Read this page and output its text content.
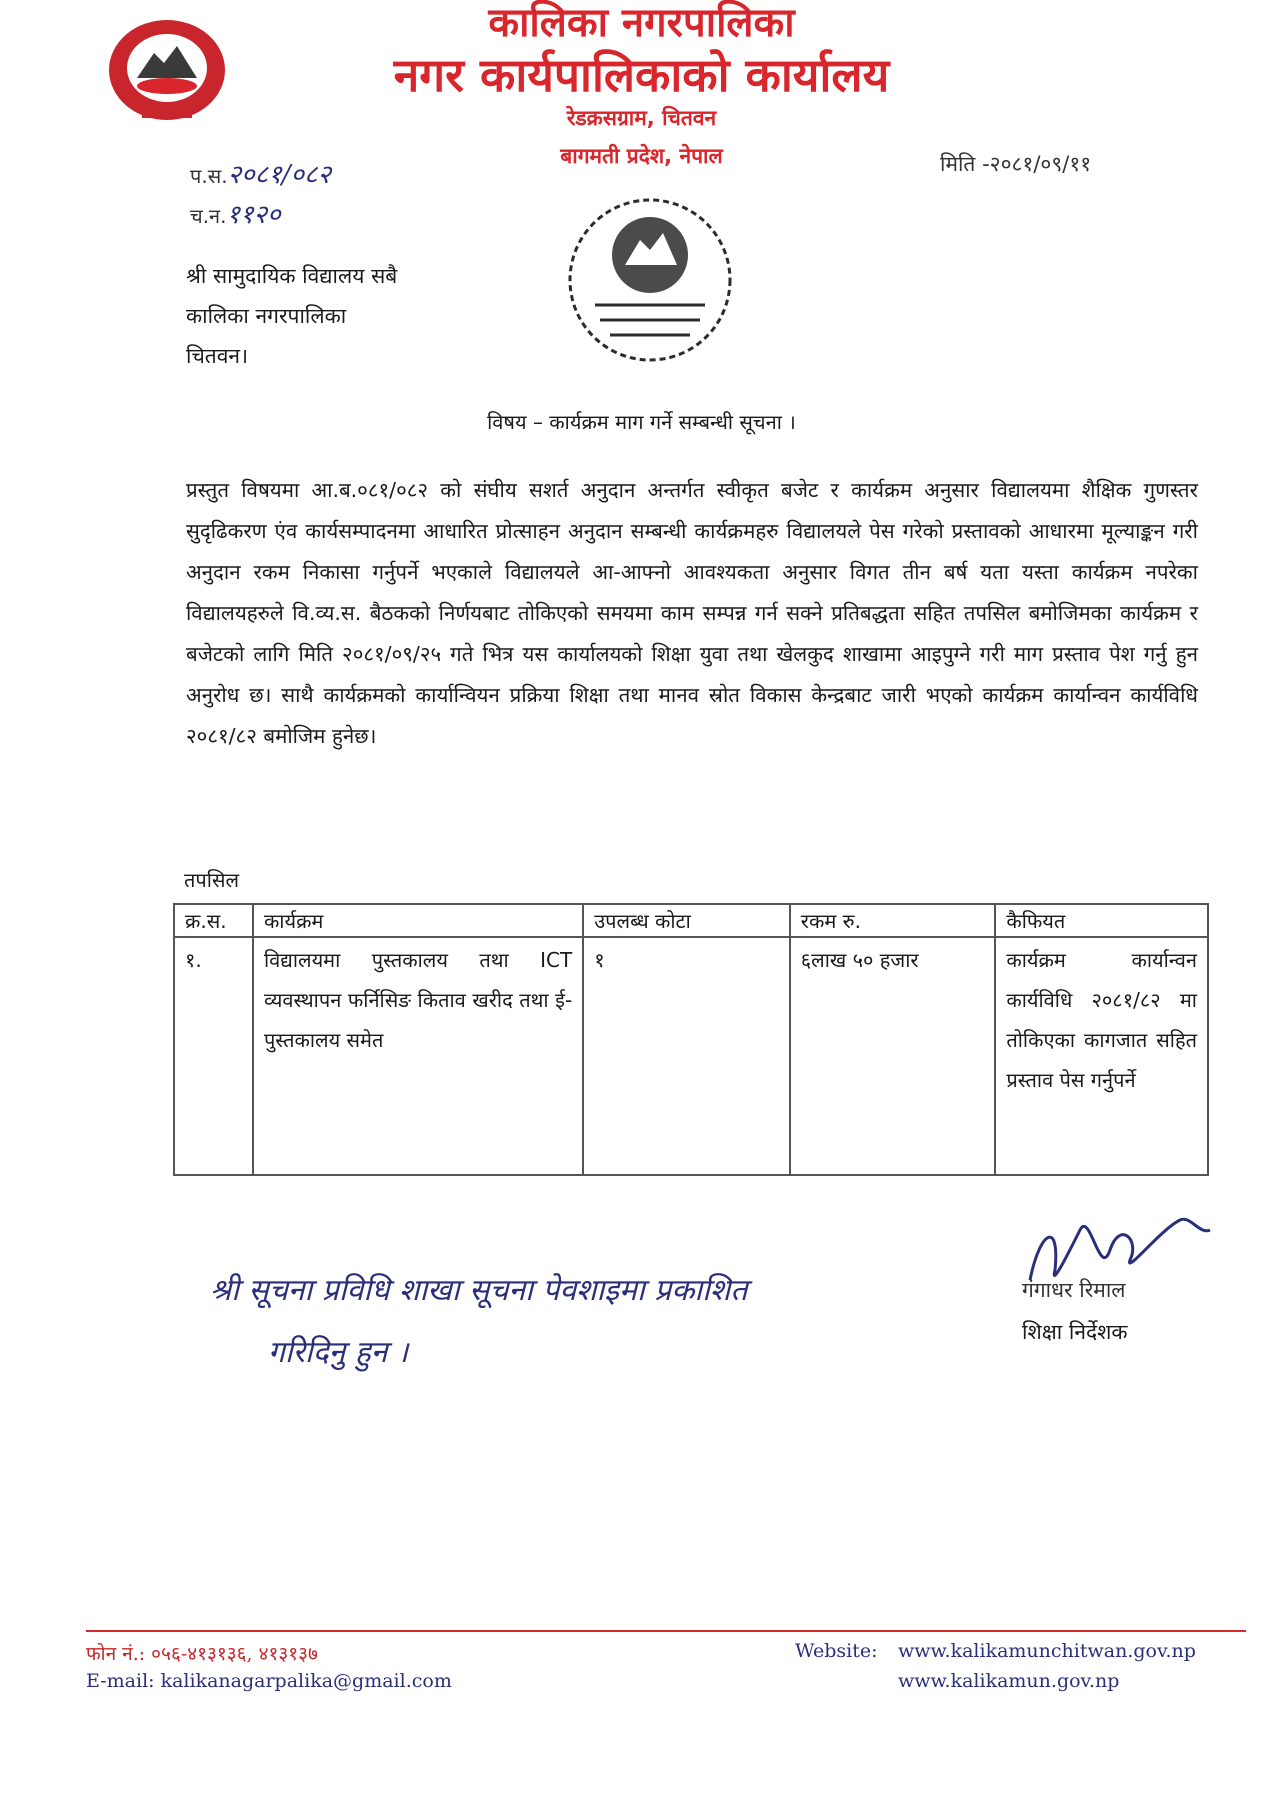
कालिका नगरपालिका
नगर कार्यपालिकाको कार्यालय
रेडक्रसग्राम, चितवन
बागमती प्रदेश, नेपाल
प.स.२०८१/०८२
च.न.११२०
मिति -२०८१/०९/११
श्री सामुदायिक विद्यालय सबै
कालिका नगरपालिका
चितवन।
विषय – कार्यक्रम माग गर्ने सम्बन्धी सूचना ।
प्रस्तुत विषयमा आ.ब.०८१/०८२ को संघीय सशर्त अनुदान अन्तर्गत स्वीकृत बजेट र कार्यक्रम अनुसार विद्यालयमा शैक्षिक गुणस्तर सुदृढिकरण एंव कार्यसम्पादनमा आधारित प्रोत्साहन अनुदान सम्बन्धी कार्यक्रमहरु विद्यालयले पेस गरेको प्रस्तावको आधारमा मूल्याङ्कन गरी अनुदान रकम निकासा गर्नुपर्ने भएकाले विद्यालयले आ-आफ्नो आवश्यकता अनुसार विगत तीन बर्ष यता यस्ता कार्यक्रम नपरेका विद्यालयहरुले वि.व्य.स. बैठकको निर्णयबाट तोकिएको समयमा काम सम्पन्न गर्न सक्ने प्रतिबद्धता सहित तपसिल बमोजिमका कार्यक्रम र बजेटको लागि मिति २०८१/०९/२५ गते भित्र यस कार्यालयको शिक्षा युवा तथा खेलकुद शाखामा आइपुग्ने गरी माग प्रस्ताव पेश गर्नु हुन अनुरोध छ। साथै कार्यक्रमको कार्यान्वियन प्रक्रिया शिक्षा तथा मानव स्रोत विकास केन्द्रबाट जारी भएको कार्यक्रम कार्यान्वन कार्यविधि २०८१/८२ बमोजिम हुनेछ।
तपसिल
क्र.स.	कार्यक्रम	उपलब्ध कोटा	रकम रु.	कैफियत
१.	विद्यालयमा पुस्तकालय तथा ICT व्यवस्थापन फर्निसिङ किताव खरीद तथा ई- पुस्तकालय समेत	१	६लाख ५० हजार	कार्यक्रम कार्यान्वन कार्यविधि २०८१/८२ मा तोकिएका कागजात सहित प्रस्ताव पेस गर्नुपर्ने
गंगाधर रिमाल
शिक्षा निर्देशक
श्री सूचना प्रविधि शाखा सूचना पेवशाइमा प्रकाशित
गरिदिनु हुन ।
फोन नं.: ०५६-४१३१३६, ४१३१३७
E-mail: kalikanagarpalika@gmail.com
Website: www.kalikamunchitwan.gov.np
www.kalikamun.gov.np
